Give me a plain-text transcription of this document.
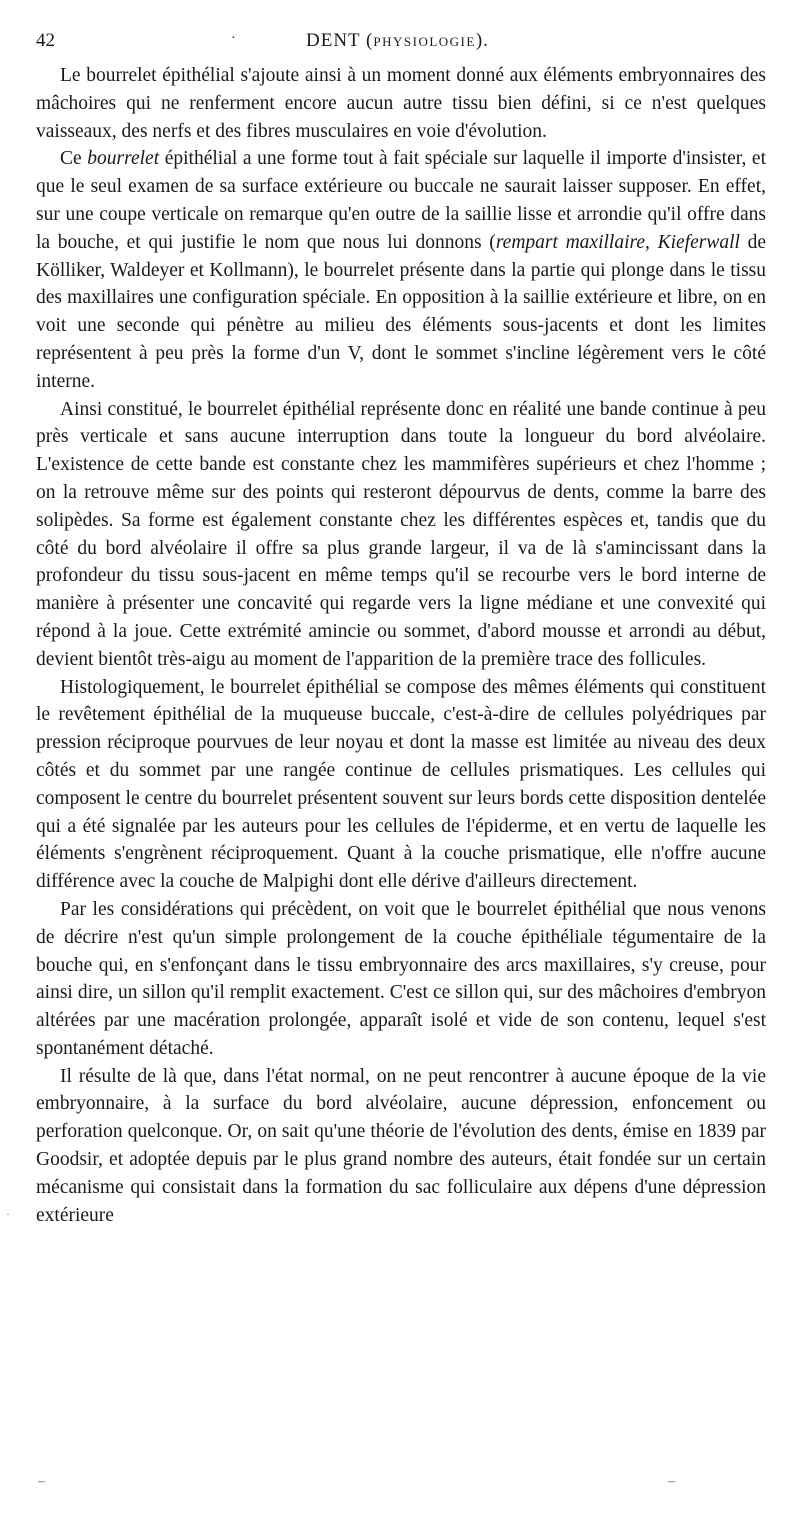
42	·	DENT (PHYSIOLOGIE).

Le bourrelet épithélial s'ajoute ainsi à un moment donné aux éléments embryonnaires des mâchoires qui ne renferment encore aucun autre tissu bien défini, si ce n'est quelques vaisseaux, des nerfs et des fibres musculaires en voie d'évolution.

Ce bourrelet épithélial a une forme tout à fait spéciale sur laquelle il importe d'insister, et que le seul examen de sa surface extérieure ou buccale ne saurait laisser supposer. En effet, sur une coupe verticale on remarque qu'en outre de la saillie lisse et arrondie qu'il offre dans la bouche, et qui justifie le nom que nous lui donnons (rempart maxillaire, Kieferwall de Kölliker, Waldeyer et Kollmann), le bourrelet présente dans la partie qui plonge dans le tissu des maxillaires une configuration spéciale. En opposition à la saillie extérieure et libre, on en voit une seconde qui pénètre au milieu des éléments sous-jacents et dont les limites représentent à peu près la forme d'un V, dont le sommet s'incline légèrement vers le côté interne.

Ainsi constitué, le bourrelet épithélial représente donc en réalité une bande continue à peu près verticale et sans aucune interruption dans toute la longueur du bord alvéolaire. L'existence de cette bande est constante chez les mammifères supérieurs et chez l'homme ; on la retrouve même sur des points qui resteront dépourvus de dents, comme la barre des solipèdes. Sa forme est également constante chez les différentes espèces et, tandis que du côté du bord alvéolaire il offre sa plus grande largeur, il va de là s'amincissant dans la profondeur du tissu sous-jacent en même temps qu'il se recourbe vers le bord interne de manière à présenter une concavité qui regarde vers la ligne médiane et une convexité qui répond à la joue. Cette extrémité amincie ou sommet, d'abord mousse et arrondi au début, devient bientôt très-aigu au moment de l'apparition de la première trace des follicules.

Histologiquement, le bourrelet épithélial se compose des mêmes éléments qui constituent le revêtement épithélial de la muqueuse buccale, c'est-à-dire de cellules polyédriques par pression réciproque pourvues de leur noyau et dont la masse est limitée au niveau des deux côtés et du sommet par une rangée continue de cellules prismatiques. Les cellules qui composent le centre du bourrelet présentent souvent sur leurs bords cette disposition dentelée qui a été signalée par les auteurs pour les cellules de l'épiderme, et en vertu de laquelle les éléments s'engrènent réciproquement. Quant à la couche prismatique, elle n'offre aucune différence avec la couche de Malpighi dont elle dérive d'ailleurs directement.

Par les considérations qui précèdent, on voit que le bourrelet épithélial que nous venons de décrire n'est qu'un simple prolongement de la couche épithéliale tégumentaire de la bouche qui, en s'enfonçant dans le tissu embryonnaire des arcs maxillaires, s'y creuse, pour ainsi dire, un sillon qu'il remplit exactement. C'est ce sillon qui, sur des mâchoires d'embryon altérées par une macération prolongée, apparaît isolé et vide de son contenu, lequel s'est spontanément détaché.

Il résulte de là que, dans l'état normal, on ne peut rencontrer à aucune époque de la vie embryonnaire, à la surface du bord alvéolaire, aucune dépression, enfoncement ou perforation quelconque. Or, on sait qu'une théorie de l'évolution des dents, émise en 1839 par Goodsir, et adoptée depuis par le plus grand nombre des auteurs, était fondée sur un certain mécanisme qui consistait dans la formation du sac folliculaire aux dépens d'une dépression extérieure

·
–	–
